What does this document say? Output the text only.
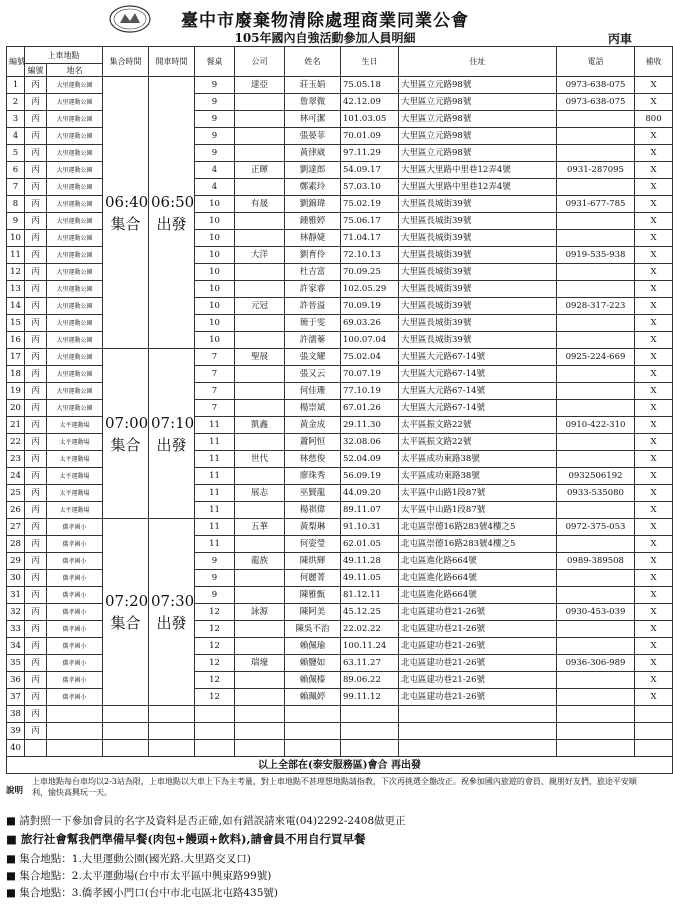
臺中市廢棄物清除處理商業同業公會
105年國內自強活動參加人員明細	丙車
編號	上車地點		集合時間	開車時間	餐桌	公司	姓名	生日	住址	電話	補收
	編號	地名									
1	丙	大里運動公園	06:40 集合	06:50 出發	9	達亞	莊玉娟	75.05.18	大里區立元路98號	0973-638-075	X
2	丙	大里運動公園			9		詹翠微	42.12.09	大里區立元路98號	0973-638-075	X
3	丙	大里運動公園			9		林可潔	101.03.05	大里區立元路98號		800
4	丙	大里運動公園			9		張晏菲	70.01.09	大里區立元路98號		X
5	丙	大里運動公園			9		黃律崴	97.11.29	大里區立元路98號		X
6	丙	大里運動公園			4	正暉	劉達郎	54.09.17	大里區大里路中里巷12弄4號	0931-287095	X
7	丙	大里運動公園			4		鄭素玲	57.03.10	大里區大里路中里巷12弄4號		X
8	丙	大里運動公園			10	有晟	劉錦瑋	75.02.19	大里區長城街39號	0931-677-785	X
9	丙	大里運動公園			10		鍾雅婷	75.06.17	大里區長城街39號		X
10	丙	大里運動公園			10		林靜婕	71.04.17	大里區長城街39號		X
11	丙	大里運動公園			10	大洋	劉育伶	72.10.13	大里區長城街39號	0919-535-938	X
12	丙	大里運動公園			10		杜吉富	70.09.25	大里區長城街39號		X
13	丙	大里運動公園			10		許家睿	102.05.29	大里區長城街39號		X
14	丙	大里運動公園			10	元冠	許晉溢	70.09.19	大里區長城街39號	0928-317-223	X
15	丙	大里運動公園			10		簡于雯	69.03.26	大里區長城街39號		X
16	丙	大里運動公園			10		許濡蓁	100.07.04	大里區長城街39號		X
17	丙	大里運動公園	07:00 集合	07:10 出發	7	聖展	張文耀	75.02.04	大里區大元路67-14號	0925-224-669	X
18	丙	大里運動公園			7		張又云	70.07.19	大里區大元路67-14號		X
19	丙	大里運動公園			7		何佳珊	77.10.19	大里區大元路67-14號		X
20	丙	大里運動公園			7		楊崇斌	67.01.26	大里區大元路67-14號		X
21	丙	太平運動場			11	凱鑫	黃金成	29.11.30	太平區振文路22號	0910-422-310	X
22	丙	太平運動場			11		蕭阿恒	32.08.06	太平區振文路22號		X
23	丙	太平運動場			11	世代	林慈俊	52.04.09	太平區成功東路38號		X
24	丙	太平運動場			11		廖珠秀	56.09.19	太平區成功東路38號	0932506192	X
25	丙	太平運動場			11	展志	巫賢龍	44.09.20	太平區中山路1段87號	0933-535080	X
26	丙	太平運動場			11		楊祺偉	89.11.07	太平區中山路1段87號		X
27	丙	僑孝國小	07:20 集合	07:30 出發	11	五華	黃梨琳	91.10.31	北屯區崇德16路283號4樓之5	0972-375-053	X
28	丙	僑孝國小			11		何姿瑩	62.01.05	北屯區崇德16路283號4樓之5		X
29	丙	僑孝國小			9	龍族	陳烘輝	49.11.28	北屯區進化路664號	0989-389508	X
30	丙	僑孝國小			9		何麗菁	49.11.05	北屯區進化路664號		X
31	丙	僑孝國小			9		陳雅甄	81.12.11	北屯區進化路664號		X
32	丙	僑孝國小			12	詠源	陳阿美	45.12.25	北屯區建功巷21-26號	0930-453-039	X
33	丙	僑孝國小			12		陳吳不治	22.02.22	北屯區建功巷21-26號		X
34	丙	僑孝國小			12		賴佩瑜	100.11.24	北屯區建功巷21-26號		X
35	丙	僑孝國小			12	瑞壕	賴鹽如	63.11.27	北屯區建功巷21-26號	0936-306-989	X
36	丙	僑孝國小			12		賴佩榛	89.06.22	北屯區建功巷21-26號		X
37	丙	僑孝國小			12		賴珮婷	99.11.12	北屯區建功巷21-26號		X
38	丙										
39	丙										
40											
以上全部在(泰安服務區)會合 再出發											
說明
上車地點每台車均以2-3站為限，上車地點以大車上下為主考量，對上車地點不甚理想地點請指教，下次再挑選全盤改正。祝參加國內旅遊的會員、親朋好友們，旅途平安順利，愉快高興玩一天。
■ 請對照一下參加會員的名字及資料是否正確,如有錯誤請來電(04)2292-2408做更正
■ 旅行社會幫我們準備早餐(肉包+饅頭+飲料),請會員不用自行買早餐
■ 集合地點：1.大里運動公園(國光路.大里路交叉口)
■ 集合地點：2.太平運動場(台中市太平區中興東路99號)
■ 集合地點：3.僑孝國小門口(台中市北屯區北屯路435號)
